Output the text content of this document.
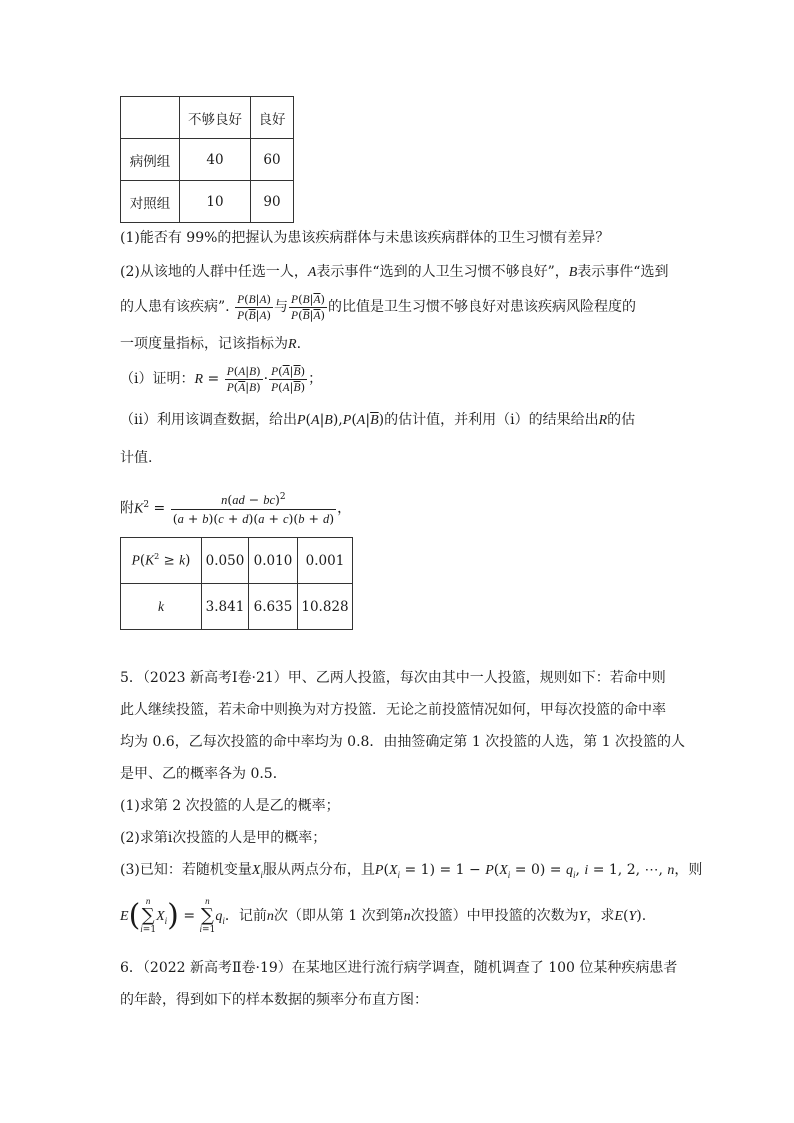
	不够良好	良好
病例组	40	60
对照组	10	90
(1)能否有 99%的把握认为患该疾病群体与未患该疾病群体的卫生习惯有差异？
(2)从该地的人群中任选一人，A表示事件“选到的人卫生习惯不够良好”，B表示事件“选到
的人患有该疾病”. $\frac{P(B|A)}{P(\overline{B}|A)}$ 与 $\frac{P(B|\overline{A})}{P(\overline{B}|\overline{A})}$ 的比值是卫生习惯不够良好对患该疾病风险程度的
一项度量指标，记该指标为R.
（ⅰ）证明：$R = \frac{P(A|B)}{P(\overline{A}|B)} \cdot \frac{P(\overline{A}|\overline{B})}{P(A|\overline{B})}$ ；
（ⅱ）利用该调查数据，给出$P(A|B),P(A|\overline{B})$的估计值，并利用（ⅰ）的结果给出R的估
计值.
附$K^2 = \frac{n(ad - bc)^2}{(a + b)(c + d)(a + c)(b + d)}$ ，
$P(K^2 \ge k)$	0.050	0.010	0.001
k	3.841	6.635	10.828
5．（2023 新高考Ⅰ卷·21）甲、乙两人投篮，每次由其中一人投篮，规则如下：若命中则
此人继续投篮，若未命中则换为对方投篮．无论之前投篮情况如何，甲每次投篮的命中率
均为 0.6，乙每次投篮的命中率均为 0.8．由抽签确定第 1 次投篮的人选，第 1 次投篮的人
是甲、乙的概率各为 0.5．
(1)求第 2 次投篮的人是乙的概率；
(2)求第i次投篮的人是甲的概率；
(3)已知：若随机变量$X_i$服从两点分布，且$P(X_i = 1) = 1 - P(X_i = 0) = q_i$, i = 1, 2, ⋯, n，则
E( n
∑
$i=1X_i) = n$
∑
$i=1q_i$．记前n次（即从第 1 次到第n次投篮）中甲投篮的次数为Y，求E(Y).
6．（2022 新高考Ⅱ卷·19）在某地区进行流行病学调查，随机调查了 100 位某种疾病患者
的年龄，得到如下的样本数据的频率分布直方图：
